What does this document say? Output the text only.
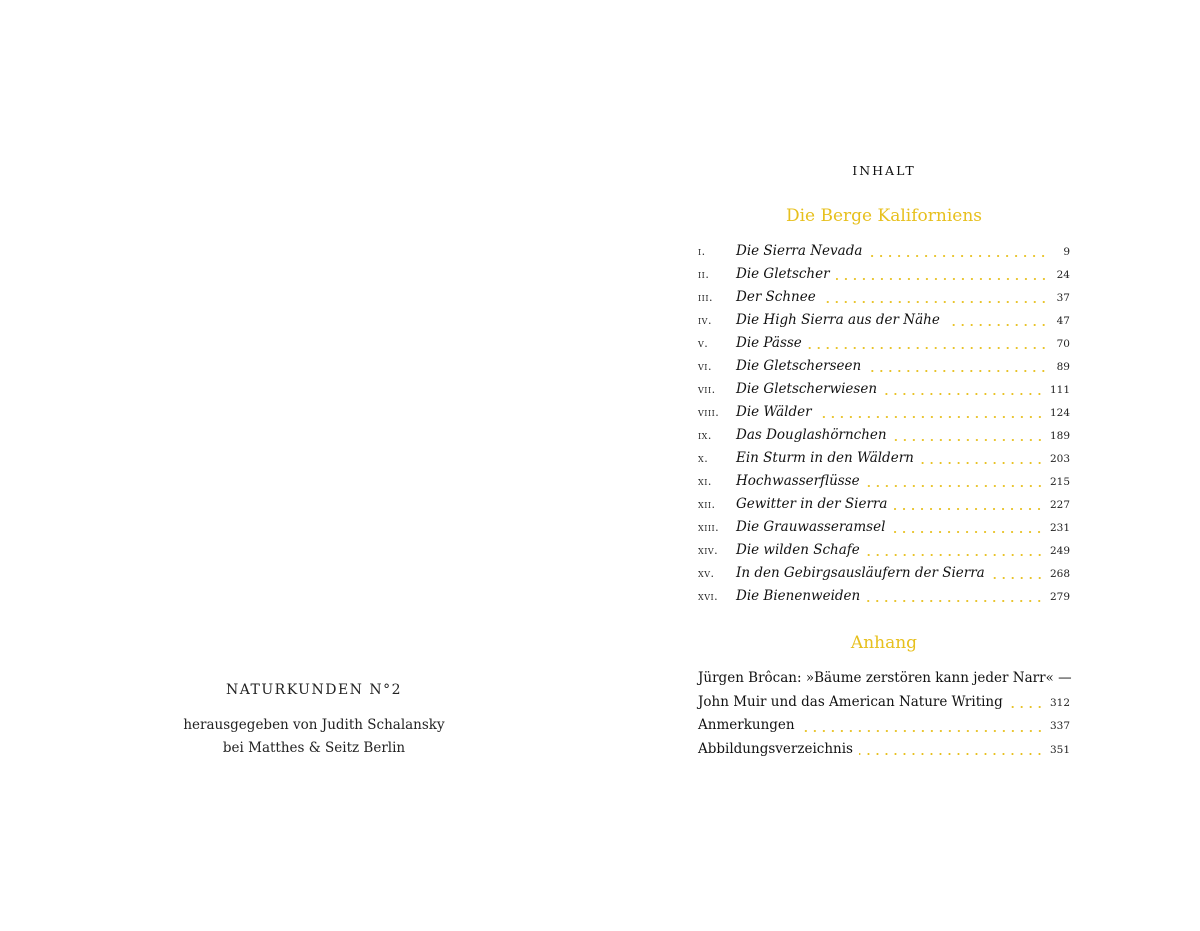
NATURKUNDEN N°2
herausgegeben von Judith Schalansky
bei Matthes & Seitz Berlin
INHALT
Die Berge Kaliforniens
i.	Die Sierra Nevada	9
ii.	Die Gletscher	24
iii.	Der Schnee	37
iv.	Die High Sierra aus der Nähe	47
v.	Die Pässe	70
vi.	Die Gletscherseen	89
vii.	Die Gletscherwiesen	111
viii.	Die Wälder	124
ix.	Das Douglashörnchen	189
x.	Ein Sturm in den Wäldern	203
xi.	Hochwasserflüsse	215
xii.	Gewitter in der Sierra	227
xiii.	Die Grauwasseramsel	231
xiv.	Die wilden Schafe	249
xv.	In den Gebirgsausläufern der Sierra	268
xvi.	Die Bienenweiden	279
Anhang
Jürgen Brôcan: »Bäume zerstören kann jeder Narr« —
John Muir und das American Nature Writing	312
Anmerkungen	337
Abbildungsverzeichnis	351
